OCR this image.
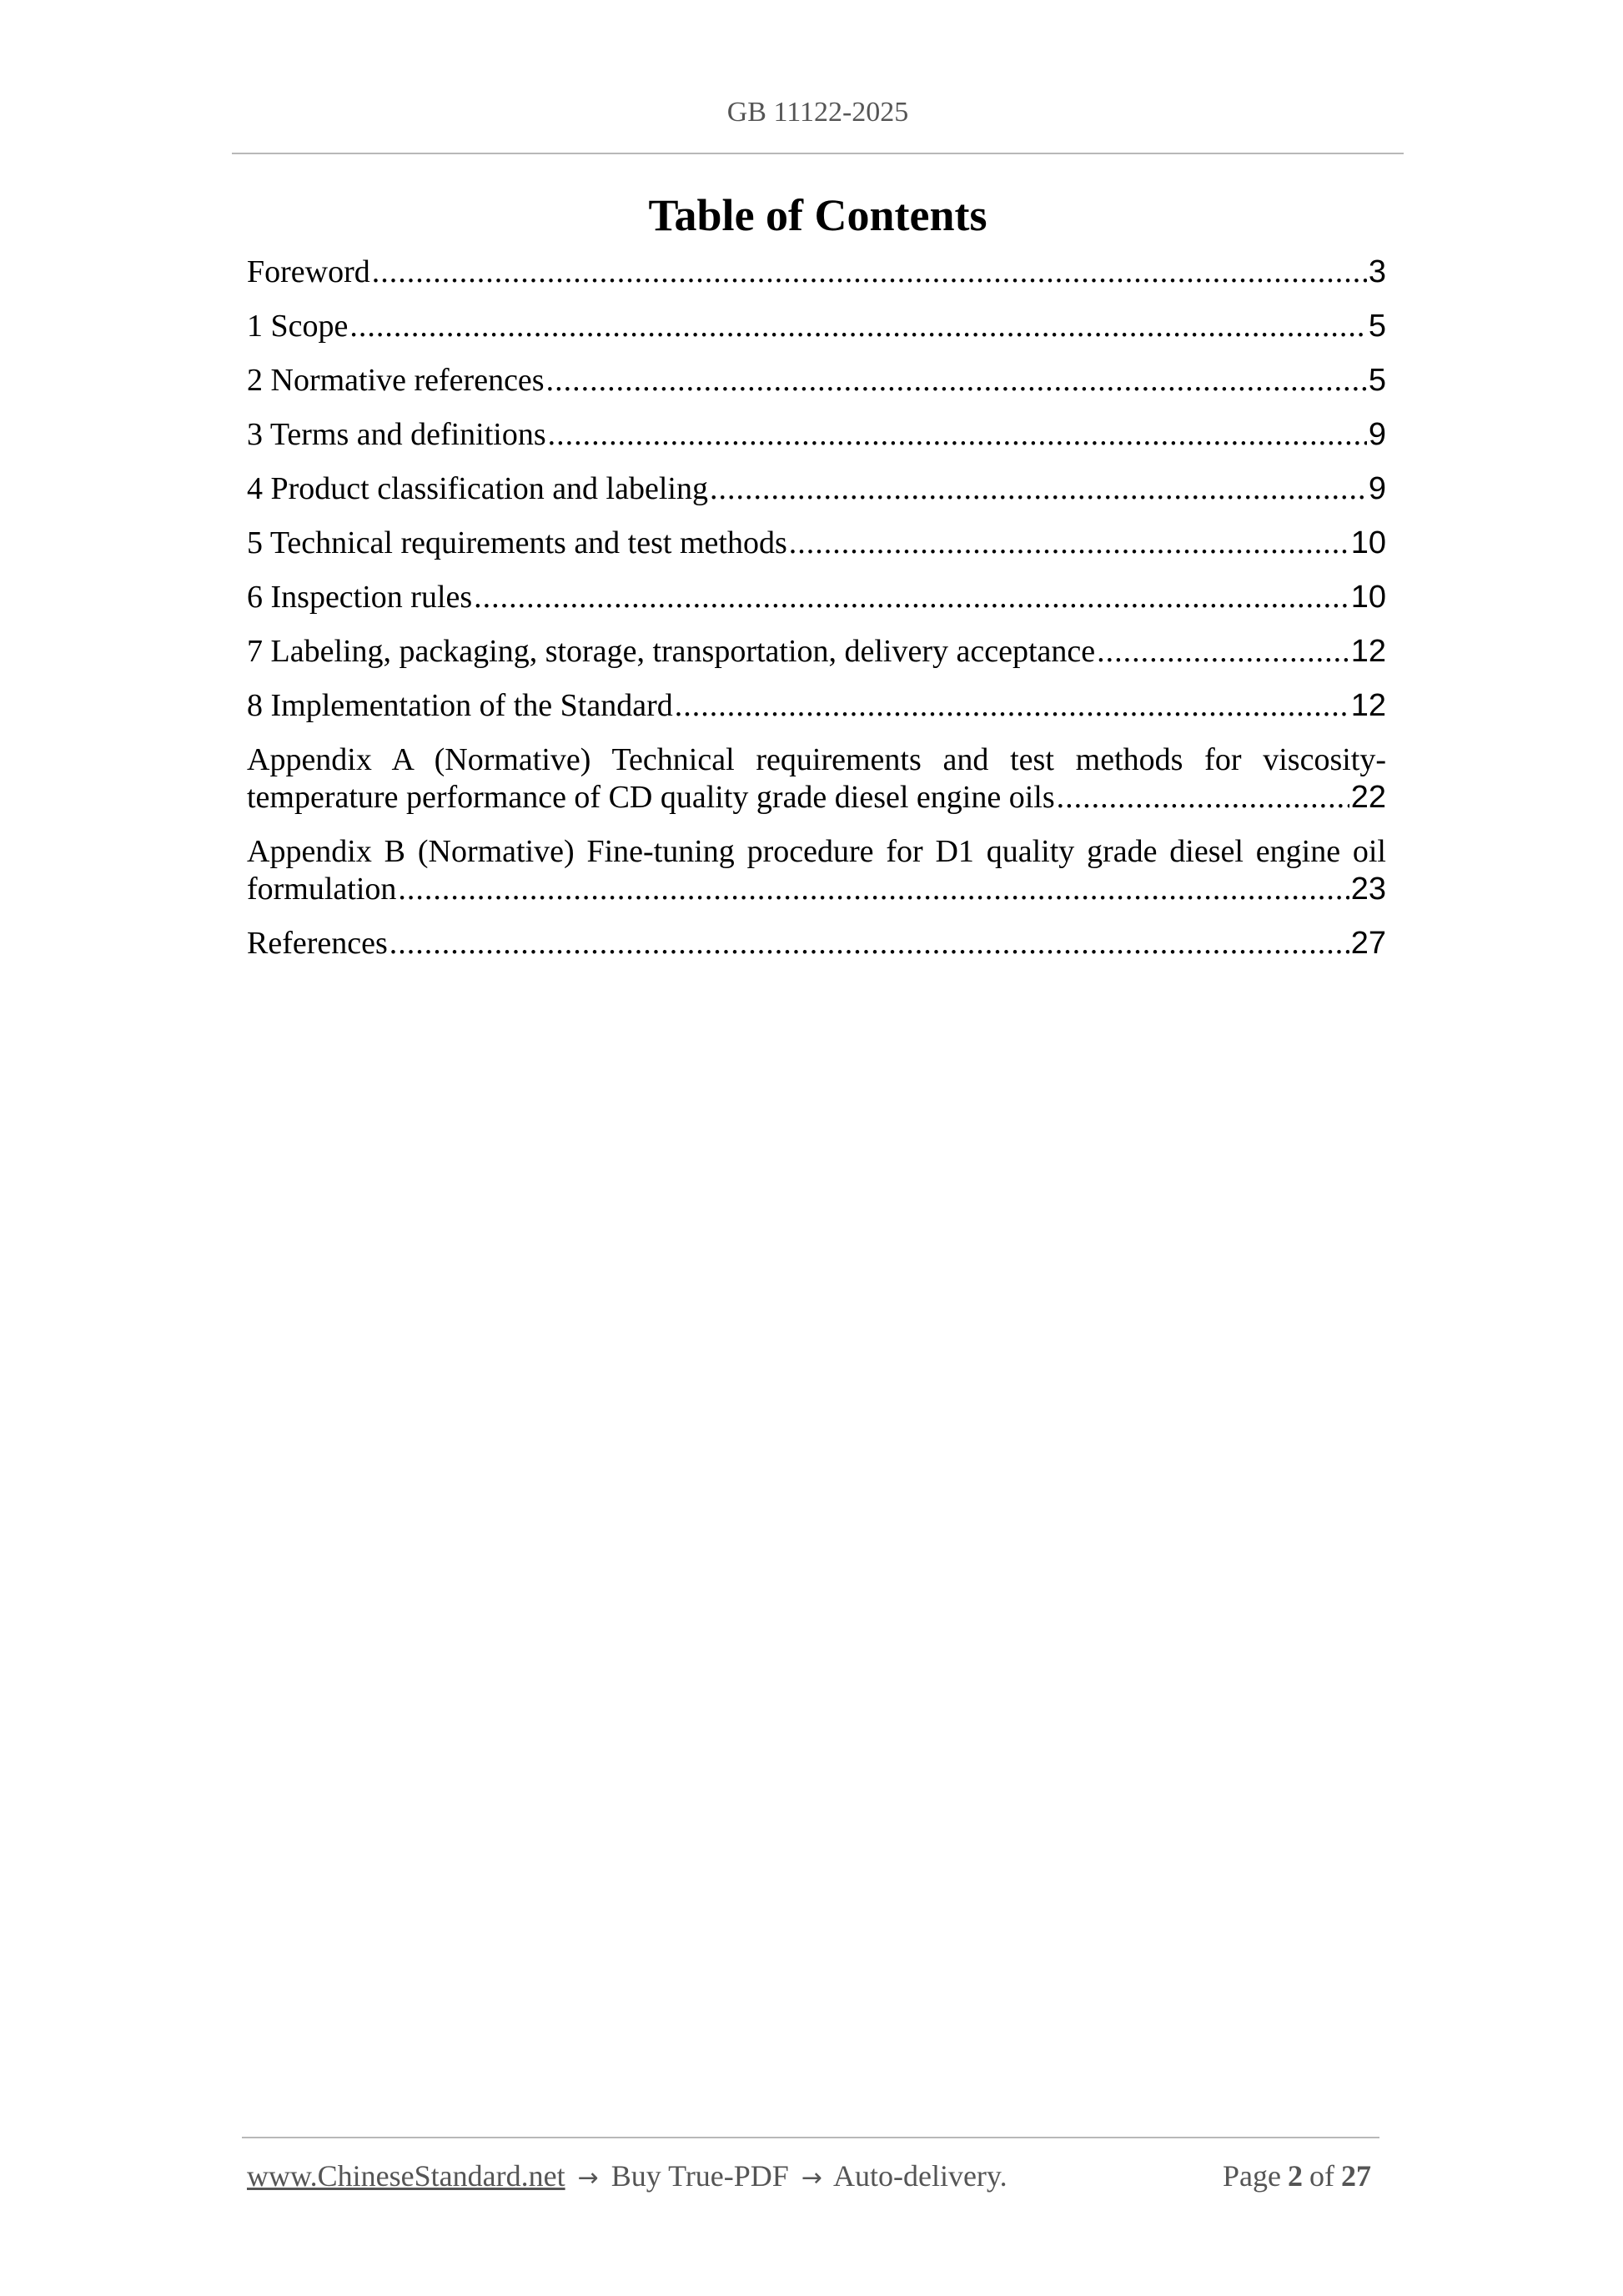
GB 11122-2025
Table of Contents
Foreword .....	3
1 Scope .....	5
2 Normative references .....	5
3 Terms and definitions .....	9
4 Product classification and labeling .....	9
5 Technical requirements and test methods .....	10
6 Inspection rules .....	10
7 Labeling, packaging, storage, transportation, delivery acceptance .....	12
8 Implementation of the Standard .....	12
Appendix A (Normative) Technical requirements and test methods for viscosity-
temperature performance of CD quality grade diesel engine oils .....	22
Appendix B (Normative) Fine-tuning procedure for D1 quality grade diesel engine oil
formulation .....	23
References .....	27
www.ChineseStandard.net → Buy True-PDF → Auto-delivery.	Page 2 of 27
